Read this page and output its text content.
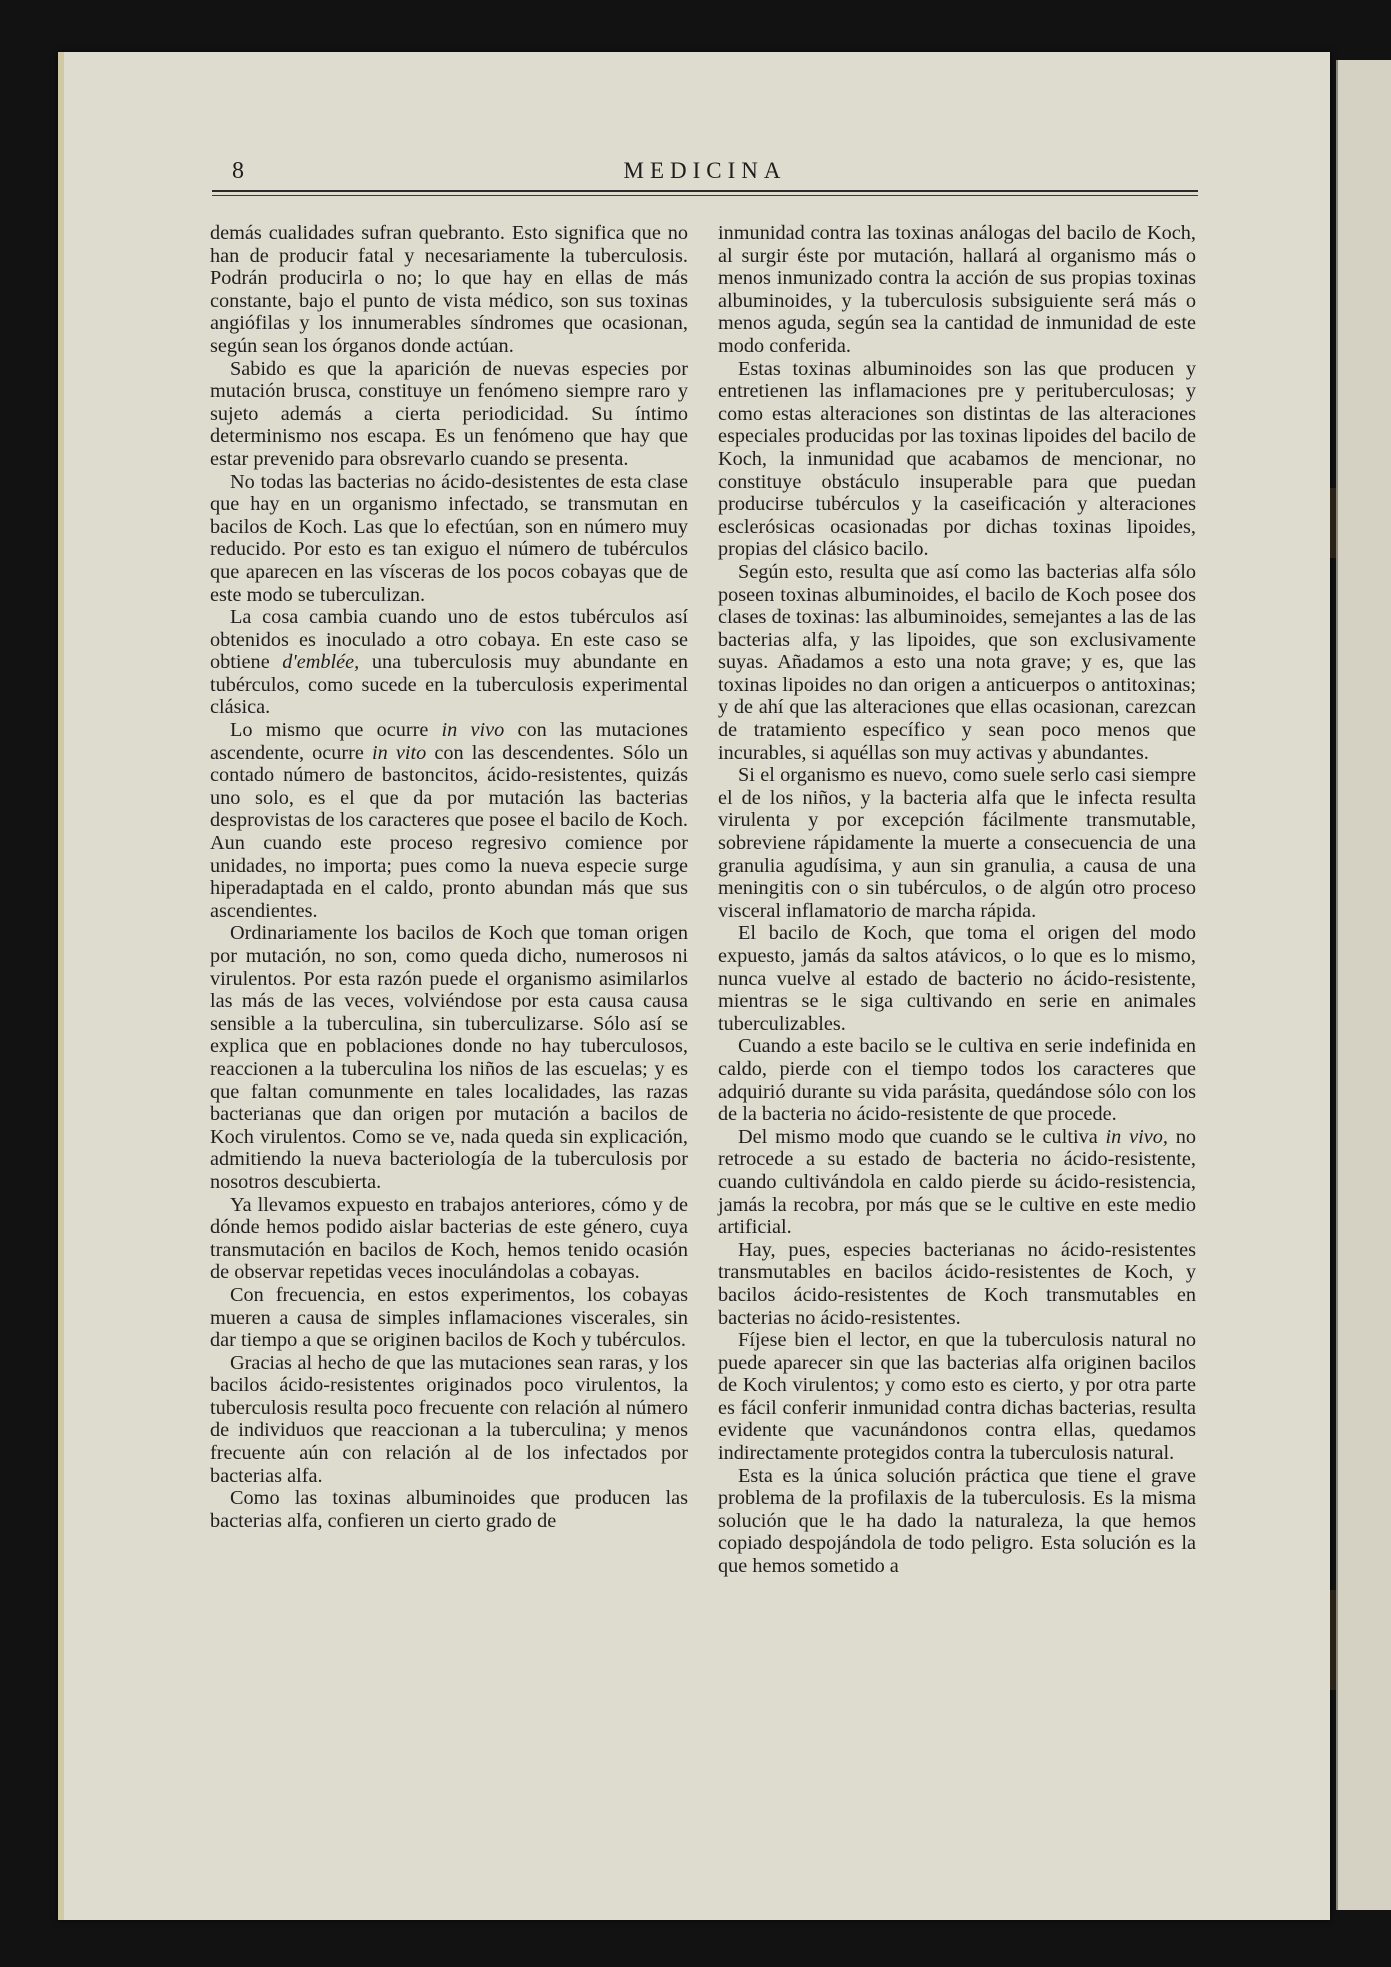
8	MEDICINA

demás cualidades sufran quebranto. Esto significa que no han de producir fatal y necesariamente la tuberculosis. Podrán producirla o no; lo que hay en ellas de más constante, bajo el punto de vista médico, son sus toxinas angiófilas y los innumerables síndromes que ocasionan, según sean los órganos donde actúan.

Sabido es que la aparición de nuevas especies por mutación brusca, constituye un fenómeno siempre raro y sujeto además a cierta periodicidad. Su íntimo determinismo nos escapa. Es un fenómeno que hay que estar prevenido para obsrevarlo cuando se presenta.

No todas las bacterias no ácido-desistentes de esta clase que hay en un organismo infectado, se transmutan en bacilos de Koch. Las que lo efectúan, son en número muy reducido. Por esto es tan exiguo el número de tubérculos que aparecen en las vísceras de los pocos cobayas que de este modo se tuberculizan.

La cosa cambia cuando uno de estos tubérculos así obtenidos es inoculado a otro cobaya. En este caso se obtiene d'emblée, una tuberculosis muy abundante en tubérculos, como sucede en la tuberculosis experimental clásica.

Lo mismo que ocurre in vivo con las mutaciones ascendente, ocurre in vito con las descendentes. Sólo un contado número de bastoncitos, ácido-resistentes, quizás uno solo, es el que da por mutación las bacterias desprovistas de los caracteres que posee el bacilo de Koch. Aun cuando este proceso regresivo comience por unidades, no importa; pues como la nueva especie surge hiperadaptada en el caldo, pronto abundan más que sus ascendientes.

Ordinariamente los bacilos de Koch que toman origen por mutación, no son, como queda dicho, numerosos ni virulentos. Por esta razón puede el organismo asimilarlos las más de las veces, volviéndose por esta causa causa sensible a la tuberculina, sin tuberculizarse. Sólo así se explica que en poblaciones donde no hay tuberculosos, reaccionen a la tuberculina los niños de las escuelas; y es que faltan comunmente en tales localidades, las razas bacterianas que dan origen por mutación a bacilos de Koch virulentos. Como se ve, nada queda sin explicación, admitiendo la nueva bacteriología de la tuberculosis por nosotros descubierta.

Ya llevamos expuesto en trabajos anteriores, cómo y de dónde hemos podido aislar bacterias de este género, cuya transmutación en bacilos de Koch, hemos tenido ocasión de observar repetidas veces inoculándolas a cobayas.

Con frecuencia, en estos experimentos, los cobayas mueren a causa de simples inflamaciones viscerales, sin dar tiempo a que se originen bacilos de Koch y tubérculos.

Gracias al hecho de que las mutaciones sean raras, y los bacilos ácido-resistentes originados poco virulentos, la tuberculosis resulta poco frecuente con relación al número de individuos que reaccionan a la tuberculina; y menos frecuente aún con relación al de los infectados por bacterias alfa.

Como las toxinas albuminoides que producen las bacterias alfa, confieren un cierto grado de

inmunidad contra las toxinas análogas del bacilo de Koch, al surgir éste por mutación, hallará al organismo más o menos inmunizado contra la acción de sus propias toxinas albuminoides, y la tuberculosis subsiguiente será más o menos aguda, según sea la cantidad de inmunidad de este modo conferida.

Estas toxinas albuminoides son las que producen y entretienen las inflamaciones pre y perituberculosas; y como estas alteraciones son distintas de las alteraciones especiales producidas por las toxinas lipoides del bacilo de Koch, la inmunidad que acabamos de mencionar, no constituye obstáculo insuperable para que puedan producirse tubérculos y la caseificación y alteraciones esclerósicas ocasionadas por dichas toxinas lipoides, propias del clásico bacilo.

Según esto, resulta que así como las bacterias alfa sólo poseen toxinas albuminoides, el bacilo de Koch posee dos clases de toxinas: las albuminoides, semejantes a las de las bacterias alfa, y las lipoides, que son exclusivamente suyas. Añadamos a esto una nota grave; y es, que las toxinas lipoides no dan origen a anticuerpos o antitoxinas; y de ahí que las alteraciones que ellas ocasionan, carezcan de tratamiento específico y sean poco menos que incurables, si aquéllas son muy activas y abundantes.

Si el organismo es nuevo, como suele serlo casi siempre el de los niños, y la bacteria alfa que le infecta resulta virulenta y por excepción fácilmente transmutable, sobreviene rápidamente la muerte a consecuencia de una granulia agudísima, y aun sin granulia, a causa de una meningitis con o sin tubérculos, o de algún otro proceso visceral inflamatorio de marcha rápida.

El bacilo de Koch, que toma el origen del modo expuesto, jamás da saltos atávicos, o lo que es lo mismo, nunca vuelve al estado de bacterio no ácido-resistente, mientras se le siga cultivando en serie en animales tuberculizables.

Cuando a este bacilo se le cultiva en serie indefinida en caldo, pierde con el tiempo todos los caracteres que adquirió durante su vida parásita, quedándose sólo con los de la bacteria no ácido-resistente de que procede.

Del mismo modo que cuando se le cultiva in vivo, no retrocede a su estado de bacteria no ácido-resistente, cuando cultivándola en caldo pierde su ácido-resistencia, jamás la recobra, por más que se le cultive en este medio artificial.

Hay, pues, especies bacterianas no ácido-resistentes transmutables en bacilos ácido-resistentes de Koch, y bacilos ácido-resistentes de Koch transmutables en bacterias no ácido-resistentes.

Fíjese bien el lector, en que la tuberculosis natural no puede aparecer sin que las bacterias alfa originen bacilos de Koch virulentos; y como esto es cierto, y por otra parte es fácil conferir inmunidad contra dichas bacterias, resulta evidente que vacunándonos contra ellas, quedamos indirectamente protegidos contra la tuberculosis natural.

Esta es la única solución práctica que tiene el grave problema de la profilaxis de la tuberculosis. Es la misma solución que le ha dado la naturaleza, la que hemos copiado despojándola de todo peligro. Esta solución es la que hemos sometido a
